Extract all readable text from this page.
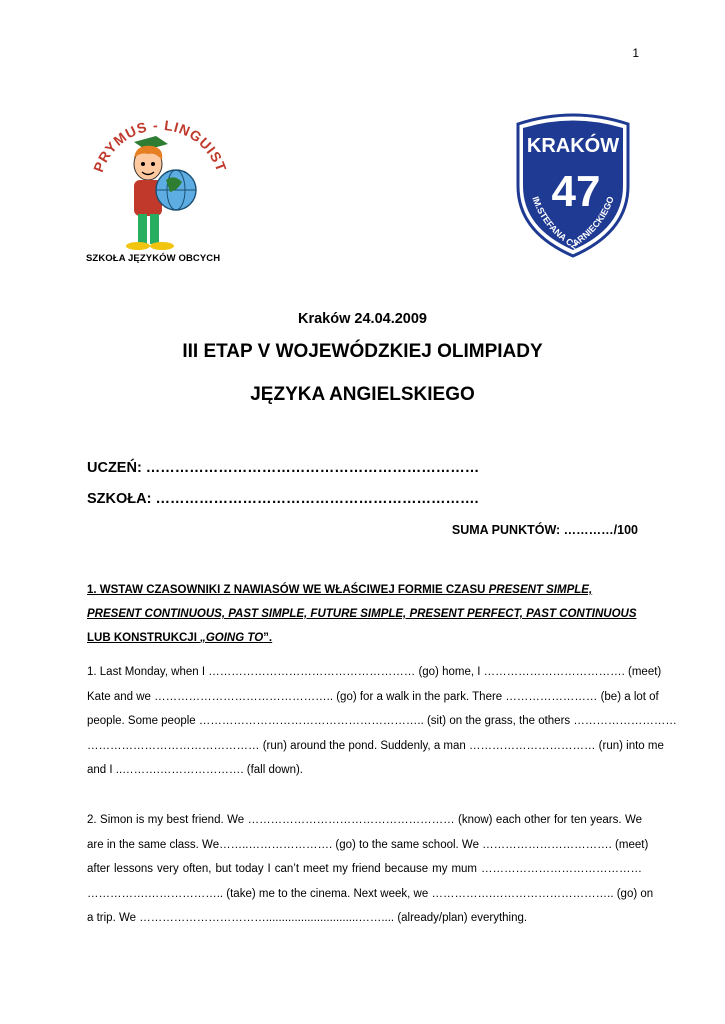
1
PRYMUS - LINGUIST
SZKOŁA JĘZYKÓW OBCYCH
KRAKÓW
47
IM.STEFANA CZARNIECKIEGO
Kraków 24.04.2009
III ETAP V WOJEWÓDZKIEJ OLIMPIADY
JĘZYKA ANGIELSKIEGO
UCZEŃ: ……………………………………………………………
SZKOŁA: ………………………………………………………….
SUMA PUNKTÓW: …………/100
1. WSTAW CZASOWNIKI Z NAWIASÓW WE WŁAŚCIWEJ FORMIE CZASU PRESENT SIMPLE, PRESENT CONTINUOUS, PAST SIMPLE, FUTURE SIMPLE, PRESENT PERFECT, PAST CONTINUOUS LUB KONSTRUKCJI „GOING TO”.
1. Last Monday, when I ……………………………………………… (go) home, I ………………………………. (meet)
Kate and we ……………………………………….. (go) for a walk in the park. There …………………… (be) a lot of
people. Some people ………………………………………………….. (sit) on the grass, the others ………………………
……………………………………… (run) around the pond. Suddenly, a man …………………………… (run) into me
and I ..……….…………………. (fall down).
2. Simon is my best friend. We ……………………………………………… (know) each other for ten years. We
are in the same class. We……..…………………. (go) to the same school. We ……………………………. (meet)
after lessons very often, but today I can’t meet my friend because my mum ……………………………………
…………….……………….. (take) me to the cinema. Next week, we …………….………………………….. (go) on
a trip. We …………………………….............................…….... (already/plan) everything.
